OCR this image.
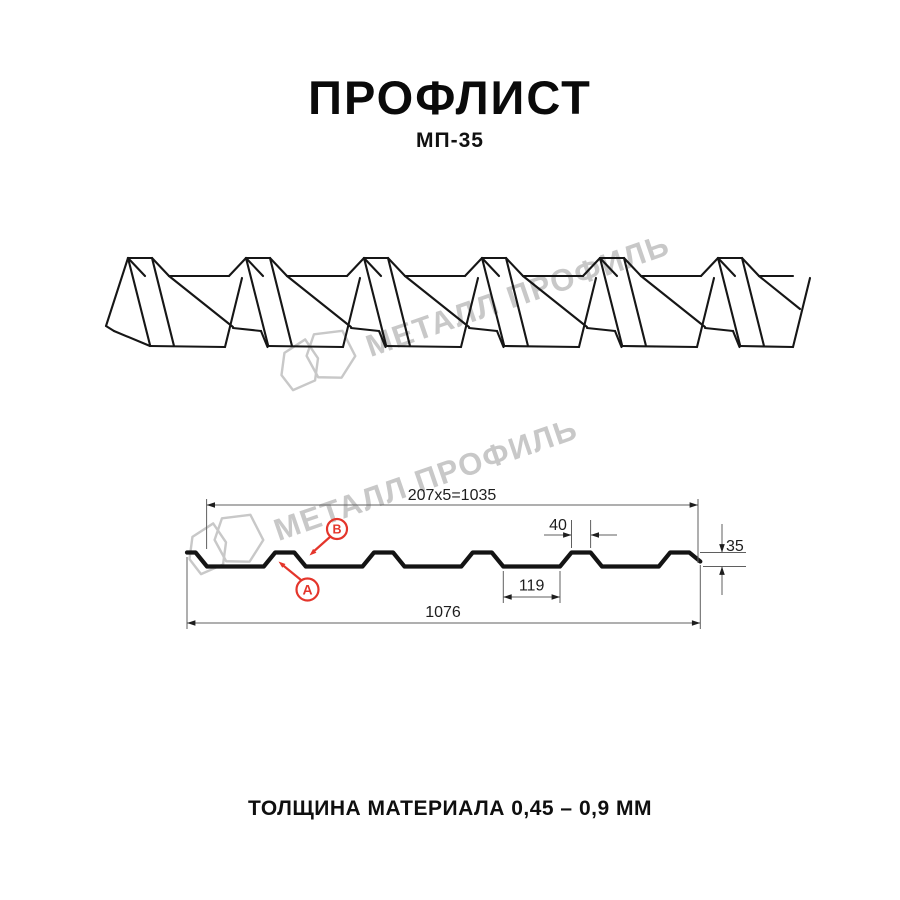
ПРОФЛИСТ
МП-35
207х5=1035
1076
119
40
35
А
В
ТОЛЩИНА МАТЕРИАЛА 0,45 – 0,9 ММ
